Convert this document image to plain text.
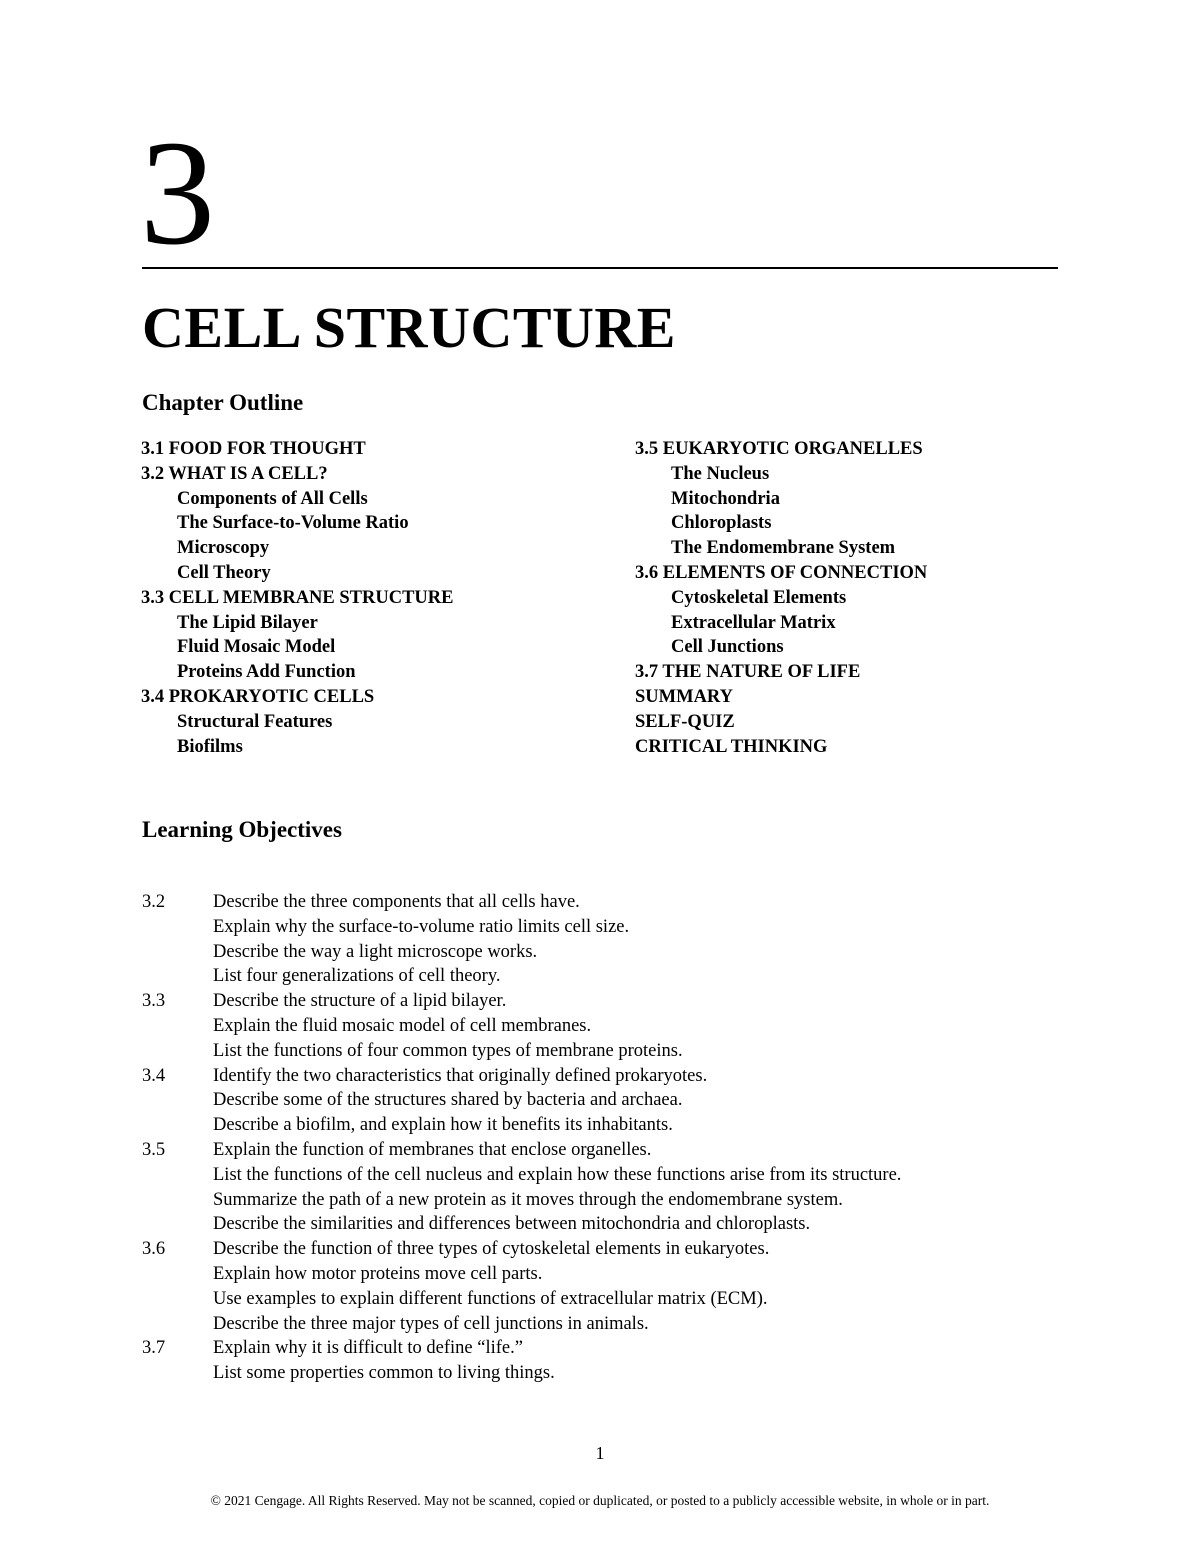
3
CELL STRUCTURE
Chapter Outline
3.1 FOOD FOR THOUGHT
3.2 WHAT IS A CELL?
Components of All Cells
The Surface-to-Volume Ratio
Microscopy
Cell Theory
3.3 CELL MEMBRANE STRUCTURE
The Lipid Bilayer
Fluid Mosaic Model
Proteins Add Function
3.4 PROKARYOTIC CELLS
Structural Features
Biofilms
3.5 EUKARYOTIC ORGANELLES
The Nucleus
Mitochondria
Chloroplasts
The Endomembrane System
3.6 ELEMENTS OF CONNECTION
Cytoskeletal Elements
Extracellular Matrix
Cell Junctions
3.7 THE NATURE OF LIFE
SUMMARY
SELF-QUIZ
CRITICAL THINKING
Learning Objectives
3.2	Describe the three components that all cells have.
Explain why the surface-to-volume ratio limits cell size.
Describe the way a light microscope works.
List four generalizations of cell theory.
3.3	Describe the structure of a lipid bilayer.
Explain the fluid mosaic model of cell membranes.
List the functions of four common types of membrane proteins.
3.4	Identify the two characteristics that originally defined prokaryotes.
Describe some of the structures shared by bacteria and archaea.
Describe a biofilm, and explain how it benefits its inhabitants.
3.5	Explain the function of membranes that enclose organelles.
List the functions of the cell nucleus and explain how these functions arise from its structure.
Summarize the path of a new protein as it moves through the endomembrane system.
Describe the similarities and differences between mitochondria and chloroplasts.
3.6	Describe the function of three types of cytoskeletal elements in eukaryotes.
Explain how motor proteins move cell parts.
Use examples to explain different functions of extracellular matrix (ECM).
Describe the three major types of cell junctions in animals.
3.7	Explain why it is difficult to define “life.”
List some properties common to living things.
1
© 2021 Cengage. All Rights Reserved. May not be scanned, copied or duplicated, or posted to a publicly accessible website, in whole or in part.
